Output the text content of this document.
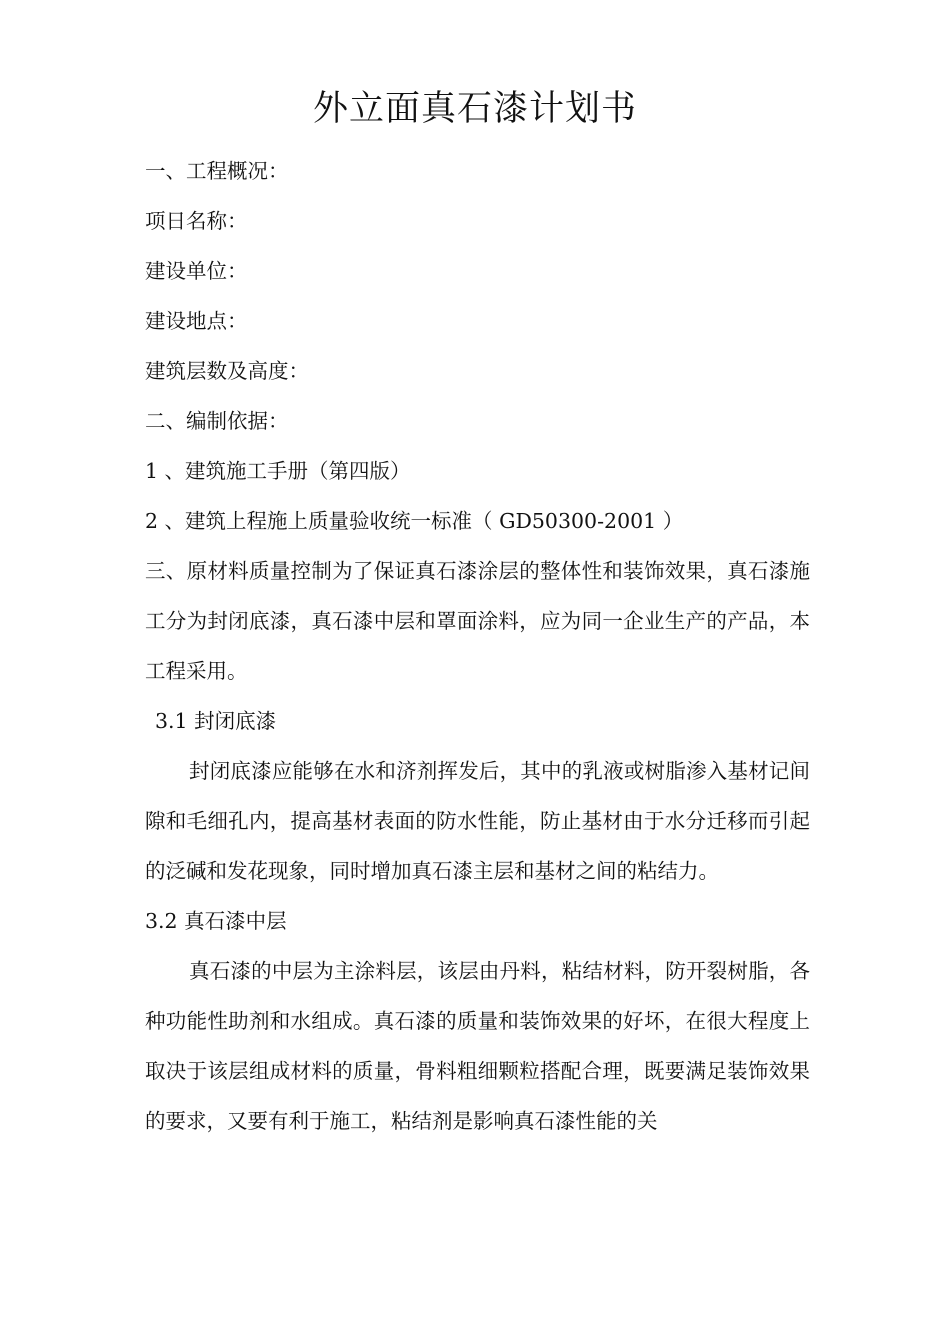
外立面真石漆计划书

一、工程概况：

项日名称：

建设单位：

建设地点：

建筑层数及高度：

二、编制依据：

1 、建筑施工手册（第四版）

2 、建筑上程施上质量验收统一标准（ GD50300-2001 ）

三、原材料质量控制为了保证真石漆涂层的整体性和装饰效果，真石漆施工分为封闭底漆，真石漆中层和罩面涂料，应为同一企业生产的产品，本工程采用。

3.1 封闭底漆

封闭底漆应能够在水和济剂挥发后，其中的乳液或树脂渗入基材记间隙和毛细孔内，提高基材表面的防水性能，防止基材由于水分迁移而引起的泛碱和发花现象，同时增加真石漆主层和基材之间的粘结力。

3.2 真石漆中层

真石漆的中层为主涂料层，该层由丹料，粘结材料，防开裂树脂，各种功能性助剂和水组成。真石漆的质量和装饰效果的好坏，在很大程度上取决于该层组成材料的质量，骨料粗细颗粒搭配合理，既要满足装饰效果的要求，又要有利于施工，粘结剂是影响真石漆性能的关
